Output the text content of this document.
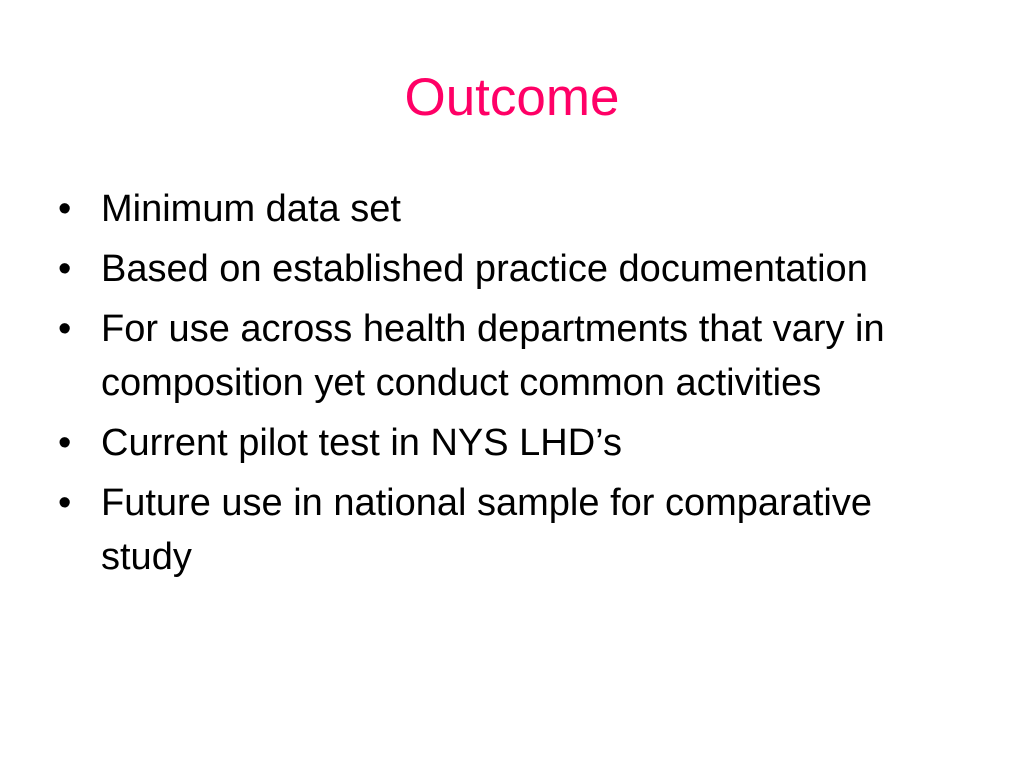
Outcome
• Minimum data set
• Based on established practice documentation
• For use across health departments that vary in composition yet conduct common activities
• Current pilot test in NYS LHD’s
• Future use in national sample for comparative study
